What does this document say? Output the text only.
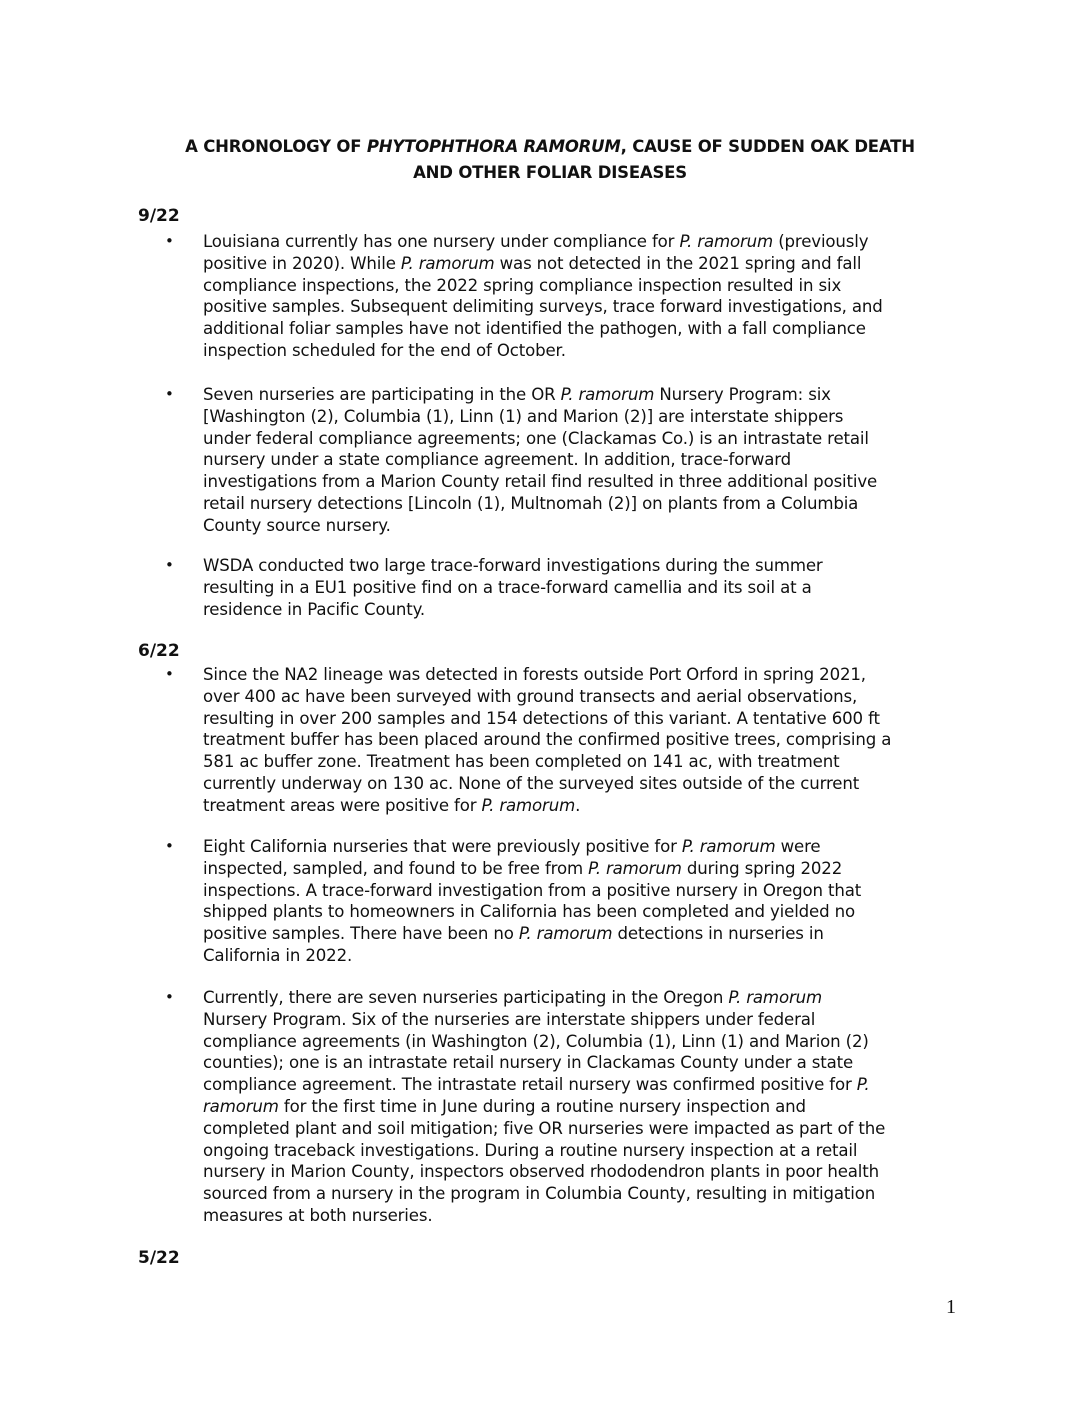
A CHRONOLOGY OF PHYTOPHTHORA RAMORUM, CAUSE OF SUDDEN OAK DEATH
AND OTHER FOLIAR DISEASES
9/22
• Louisiana currently has one nursery under compliance for P. ramorum (previously
positive in 2020). While P. ramorum was not detected in the 2021 spring and fall
compliance inspections, the 2022 spring compliance inspection resulted in six
positive samples. Subsequent delimiting surveys, trace forward investigations, and
additional foliar samples have not identified the pathogen, with a fall compliance
inspection scheduled for the end of October.
• Seven nurseries are participating in the OR P. ramorum Nursery Program: six
[Washington (2), Columbia (1), Linn (1) and Marion (2)] are interstate shippers
under federal compliance agreements; one (Clackamas Co.) is an intrastate retail
nursery under a state compliance agreement. In addition, trace-forward
investigations from a Marion County retail find resulted in three additional positive
retail nursery detections [Lincoln (1), Multnomah (2)] on plants from a Columbia
County source nursery.
• WSDA conducted two large trace-forward investigations during the summer
resulting in a EU1 positive find on a trace-forward camellia and its soil at a
residence in Pacific County.
6/22
• Since the NA2 lineage was detected in forests outside Port Orford in spring 2021,
over 400 ac have been surveyed with ground transects and aerial observations,
resulting in over 200 samples and 154 detections of this variant. A tentative 600 ft
treatment buffer has been placed around the confirmed positive trees, comprising a
581 ac buffer zone. Treatment has been completed on 141 ac, with treatment
currently underway on 130 ac. None of the surveyed sites outside of the current
treatment areas were positive for P. ramorum.
• Eight California nurseries that were previously positive for P. ramorum were
inspected, sampled, and found to be free from P. ramorum during spring 2022
inspections. A trace-forward investigation from a positive nursery in Oregon that
shipped plants to homeowners in California has been completed and yielded no
positive samples. There have been no P. ramorum detections in nurseries in
California in 2022.
• Currently, there are seven nurseries participating in the Oregon P. ramorum
Nursery Program. Six of the nurseries are interstate shippers under federal
compliance agreements (in Washington (2), Columbia (1), Linn (1) and Marion (2)
counties); one is an intrastate retail nursery in Clackamas County under a state
compliance agreement. The intrastate retail nursery was confirmed positive for P.
ramorum for the first time in June during a routine nursery inspection and
completed plant and soil mitigation; five OR nurseries were impacted as part of the
ongoing traceback investigations. During a routine nursery inspection at a retail
nursery in Marion County, inspectors observed rhododendron plants in poor health
sourced from a nursery in the program in Columbia County, resulting in mitigation
measures at both nurseries.
5/22
1
